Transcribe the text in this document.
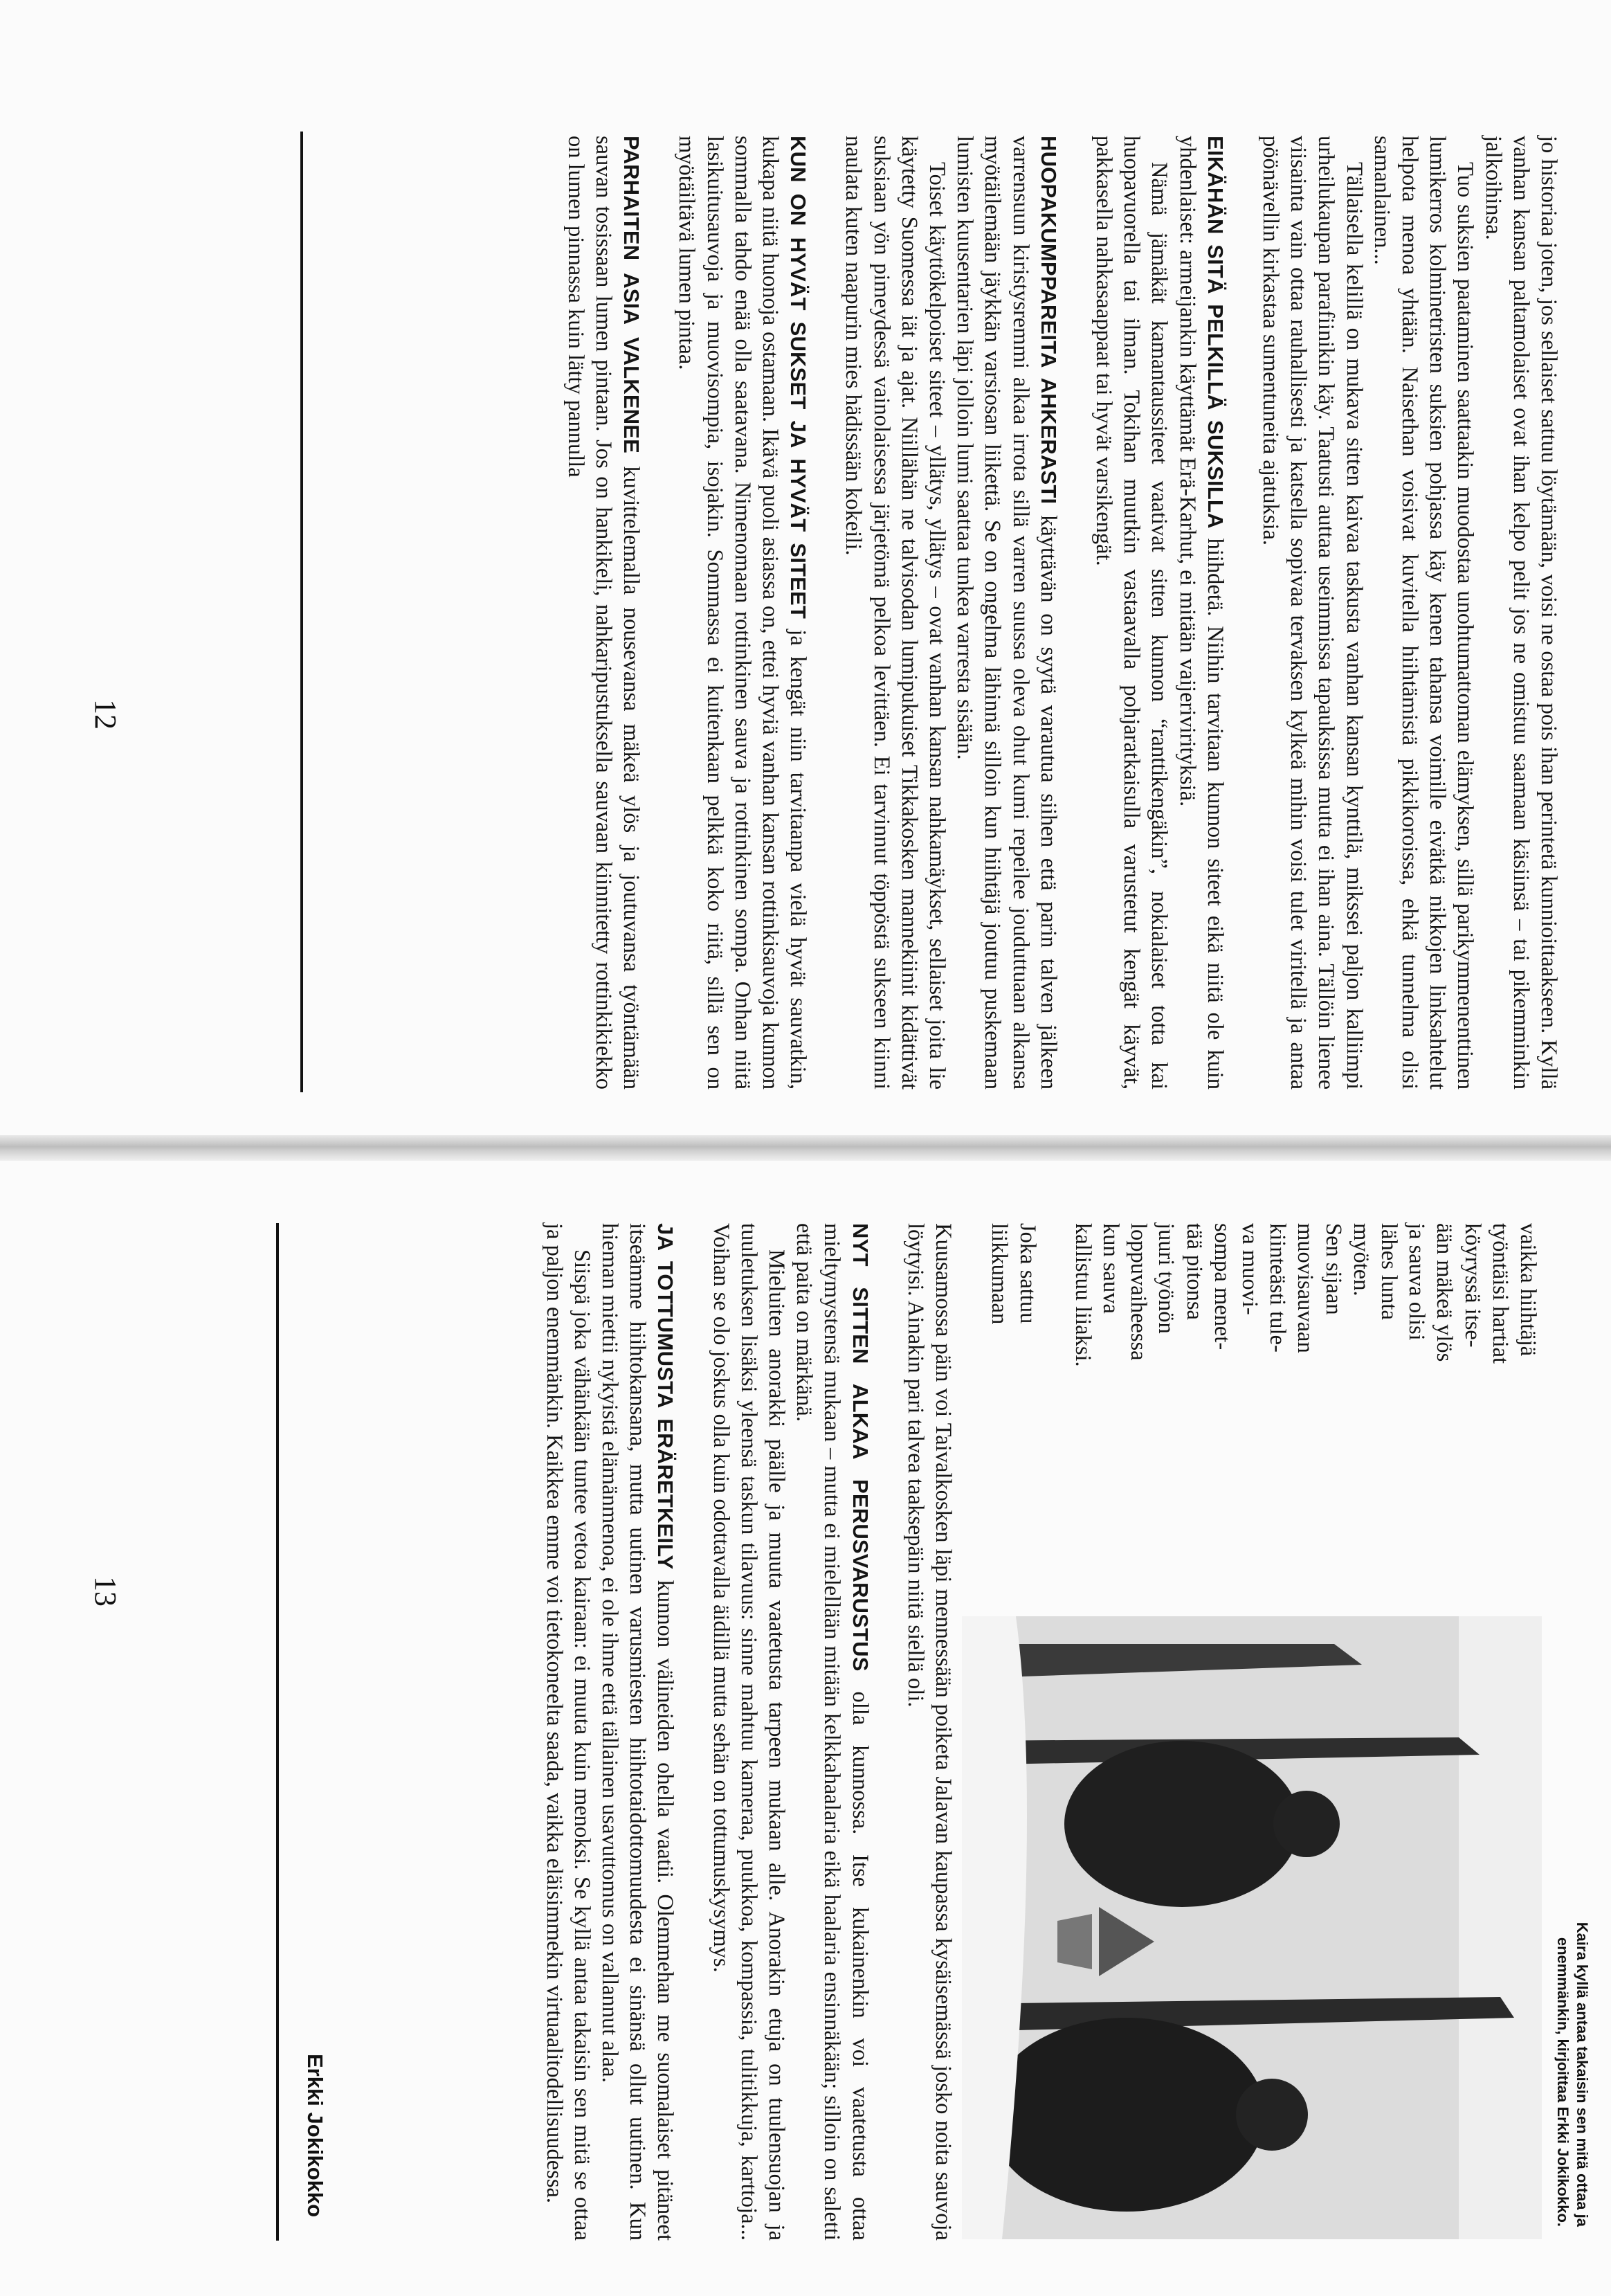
jo historiaa joten, jos sellaiset sattuu löytämään, voisi ne ostaa pois ihan perintetä kunnioittaakseen. Kyllä vanhan kansan paltamolaiset ovat ihan kelpo pelit jos ne omistuu saamaan käsiinsä – tai pikemminkin jalkoihinsa.

Tuo suksien paataminen saattaakin muodostaa unohtumattoman elämyksen, sillä parikymmenenttinen lumikerros kolminetristen suksien pohjassa käy kenen tahansa voimille eivätkä nikkojen linksahtelut helpota menoa yhtään. Naisethan voisivat kuvitella hiihtämistä pikkikoroissa, ehkä tunnelma olisi samanlainen...

Tällaisella kelillä on mukava sitten kaivaa taskusta vanhan kansan kynttilä, mikssei paljon kalliimpi urheilukaupan parafiinikin käy. Taatusti auttaa useimmissa tapauksissa mutta ei ihan aina. Tällöin lienee viisainta vain ottaa rauhallisesti ja katsella sopivaa tervaksen kylkeä mihin voisi tulet viritellä ja antaa pöönävellin kirkastaa sumentuneita ajatuksia.

EIKÄHÄN SITÄ PELKILLÄ SUKSILLA hiihdetä. Niihin tarvitaan kunnon siteet eikä niitä ole kuin yhdenlaiset: armeijankin käyttämät Erä-Karhut, ei mitään vaijerivirityksiä.

Nämä jämäkät kamantaussiteet vaativat sitten kunnon “ranttikengäkin”, nokialaiset totta kai huopavuorella tai ilman. Tokihan muutkin vastaavalla pohjaratkaisulla varustetut kengät käyvät, pakkasella nahkasaappaat tai hyvät varsikengät.

HUOPAKUMPPAREITA AHKERASTI käyttävän on syytä varautua siihen että parin talven jälkeen varrensuun kiristysremmi alkaa irrota sillä varren suussa oleva ohut kumi repeilee jouduttuaan alkansa myötäilemään jäykkän varsiosan liikettä. Se on ongelma lähinnä silloin kun hiihtäjä joutuu puskemaan lumisten kuusentarien läpi jolloin lumi saattaa tunkea varresta sisään.

Toiset käyttökelpoiset siteet – yllätys, yllätys – ovat vanhan kansan nahkamäykset, sellaiset joita lie käytetty Suomessa iät ja ajat. Niillähän ne talvisodan lumipukuiset Tikkakosken mannekiinit kidättivät suksiaan yön pimeydessä vainolaisessa järjetömä pelkoa levittäen. Ei tarvinnut töppöstä sukseen kiinni naulata kuten naapurin mies hädissään kokeili.

KUN ON HYVÄT SUKSET JA HYVÄT SITEET ja kengät niin tarvitaanpa vielä hyvät sauvatkin, kukapa niitä huonoja ostamaan. Ikävä puoli asiassa on, ettei hyviä vanhan kansan rottinkisauvoja kunnon sommalla tahdo enää olla saatavana. Nimenomaan rottinkinen sauva ja rottinkinen sompa. Onhan niitä lasikuitusauvoja ja muovisompia, isojakin. Sommassa ei kuitenkaan pelkkä koko riitä, sillä sen on myötäiltävä lumen pintaa.

PARHAITEN ASIA VALKENEE kuvittelemalla nousevansa mäkeä ylös ja joutuvansa työntämään sauvan tosissaan lumen pintaan. Jos on hankikeli, nahkaripustuksella sauvaan kiinnitetty rottinkikiekko on lumen pinnassa kuin lätty pannulla

12
Kaira kyllä antaa takaisin sen mitä ottaa ja enemmänkin, kirjoittaa Erkki Jokikokko.
vaikka hiihtäjä
työntäisi hartiat
köyryssä itse-
ään mäkeä ylös
ja sauva olisi
lähes lunta
myöten.
Sen sijaan
muovisauvaan
kiinteästi tule-
va muovi-
sompa menet-
tää pitonsa
juuri työnön
loppuvaiheessa
kun sauva
kallistuu liiaksi.
Joka sattuu
liikkumaan

Kuusamossa päin voi Taivalkosken läpi mennessään poiketa Jalavan kaupassa kysäisemässä josko noita sauvoja löytyisi. Ainakin pari talvea taaksepäin niitä siellä oli.

NYT SITTEN ALKAA PERUSVARUSTUS olla kunnossa. Itse kukainenkin voi vaatetusta ottaa mieltymystensä mukaan – mutta ei mielellään mitään kelkkahaalaria eikä haalaria ensinnäkään; silloin on saletti että paita on märkänä.

Mieluiten anorakki päälle ja muuta vaatetusta tarpeen mukaan alle. Anorakin etuja on tuulensuojan ja tuuletuksen lisäksi yleensä taskun tilavuus: sinne mahtuu kameraa, puukkoa, kompassia, tulitikkuja, karttoja... Voihan se olo joskus olla kuin odottavalla äidillä mutta sehän on tottumuskysymys.

JA TOTTUMUSTA ERÄRETKEILY kunnon välineiden ohella vaatii. Olemmehan me suomalaiset pitäneet itseämme hiihtokansana, mutta uutinen varusmiesten hiihtotaidottomuudesta ei sinänsä ollut uutinen. Kun hieman miettii nykyistä elämänmenoa, ei ole ihme että tällainen usavuttomus on vallannut alaa.

Siispä joka vähänkään tuntee vetoa kairaan: ei muuta kuin menoksi. Se kyllä antaa takaisin sen mitä se ottaa ja paljon enemmänkin. Kaikkea emme voi tietokoneelta saada, vaikka eläisimmekin virtuaalitodellisuudessa.

Erkki Jokikokko
13
